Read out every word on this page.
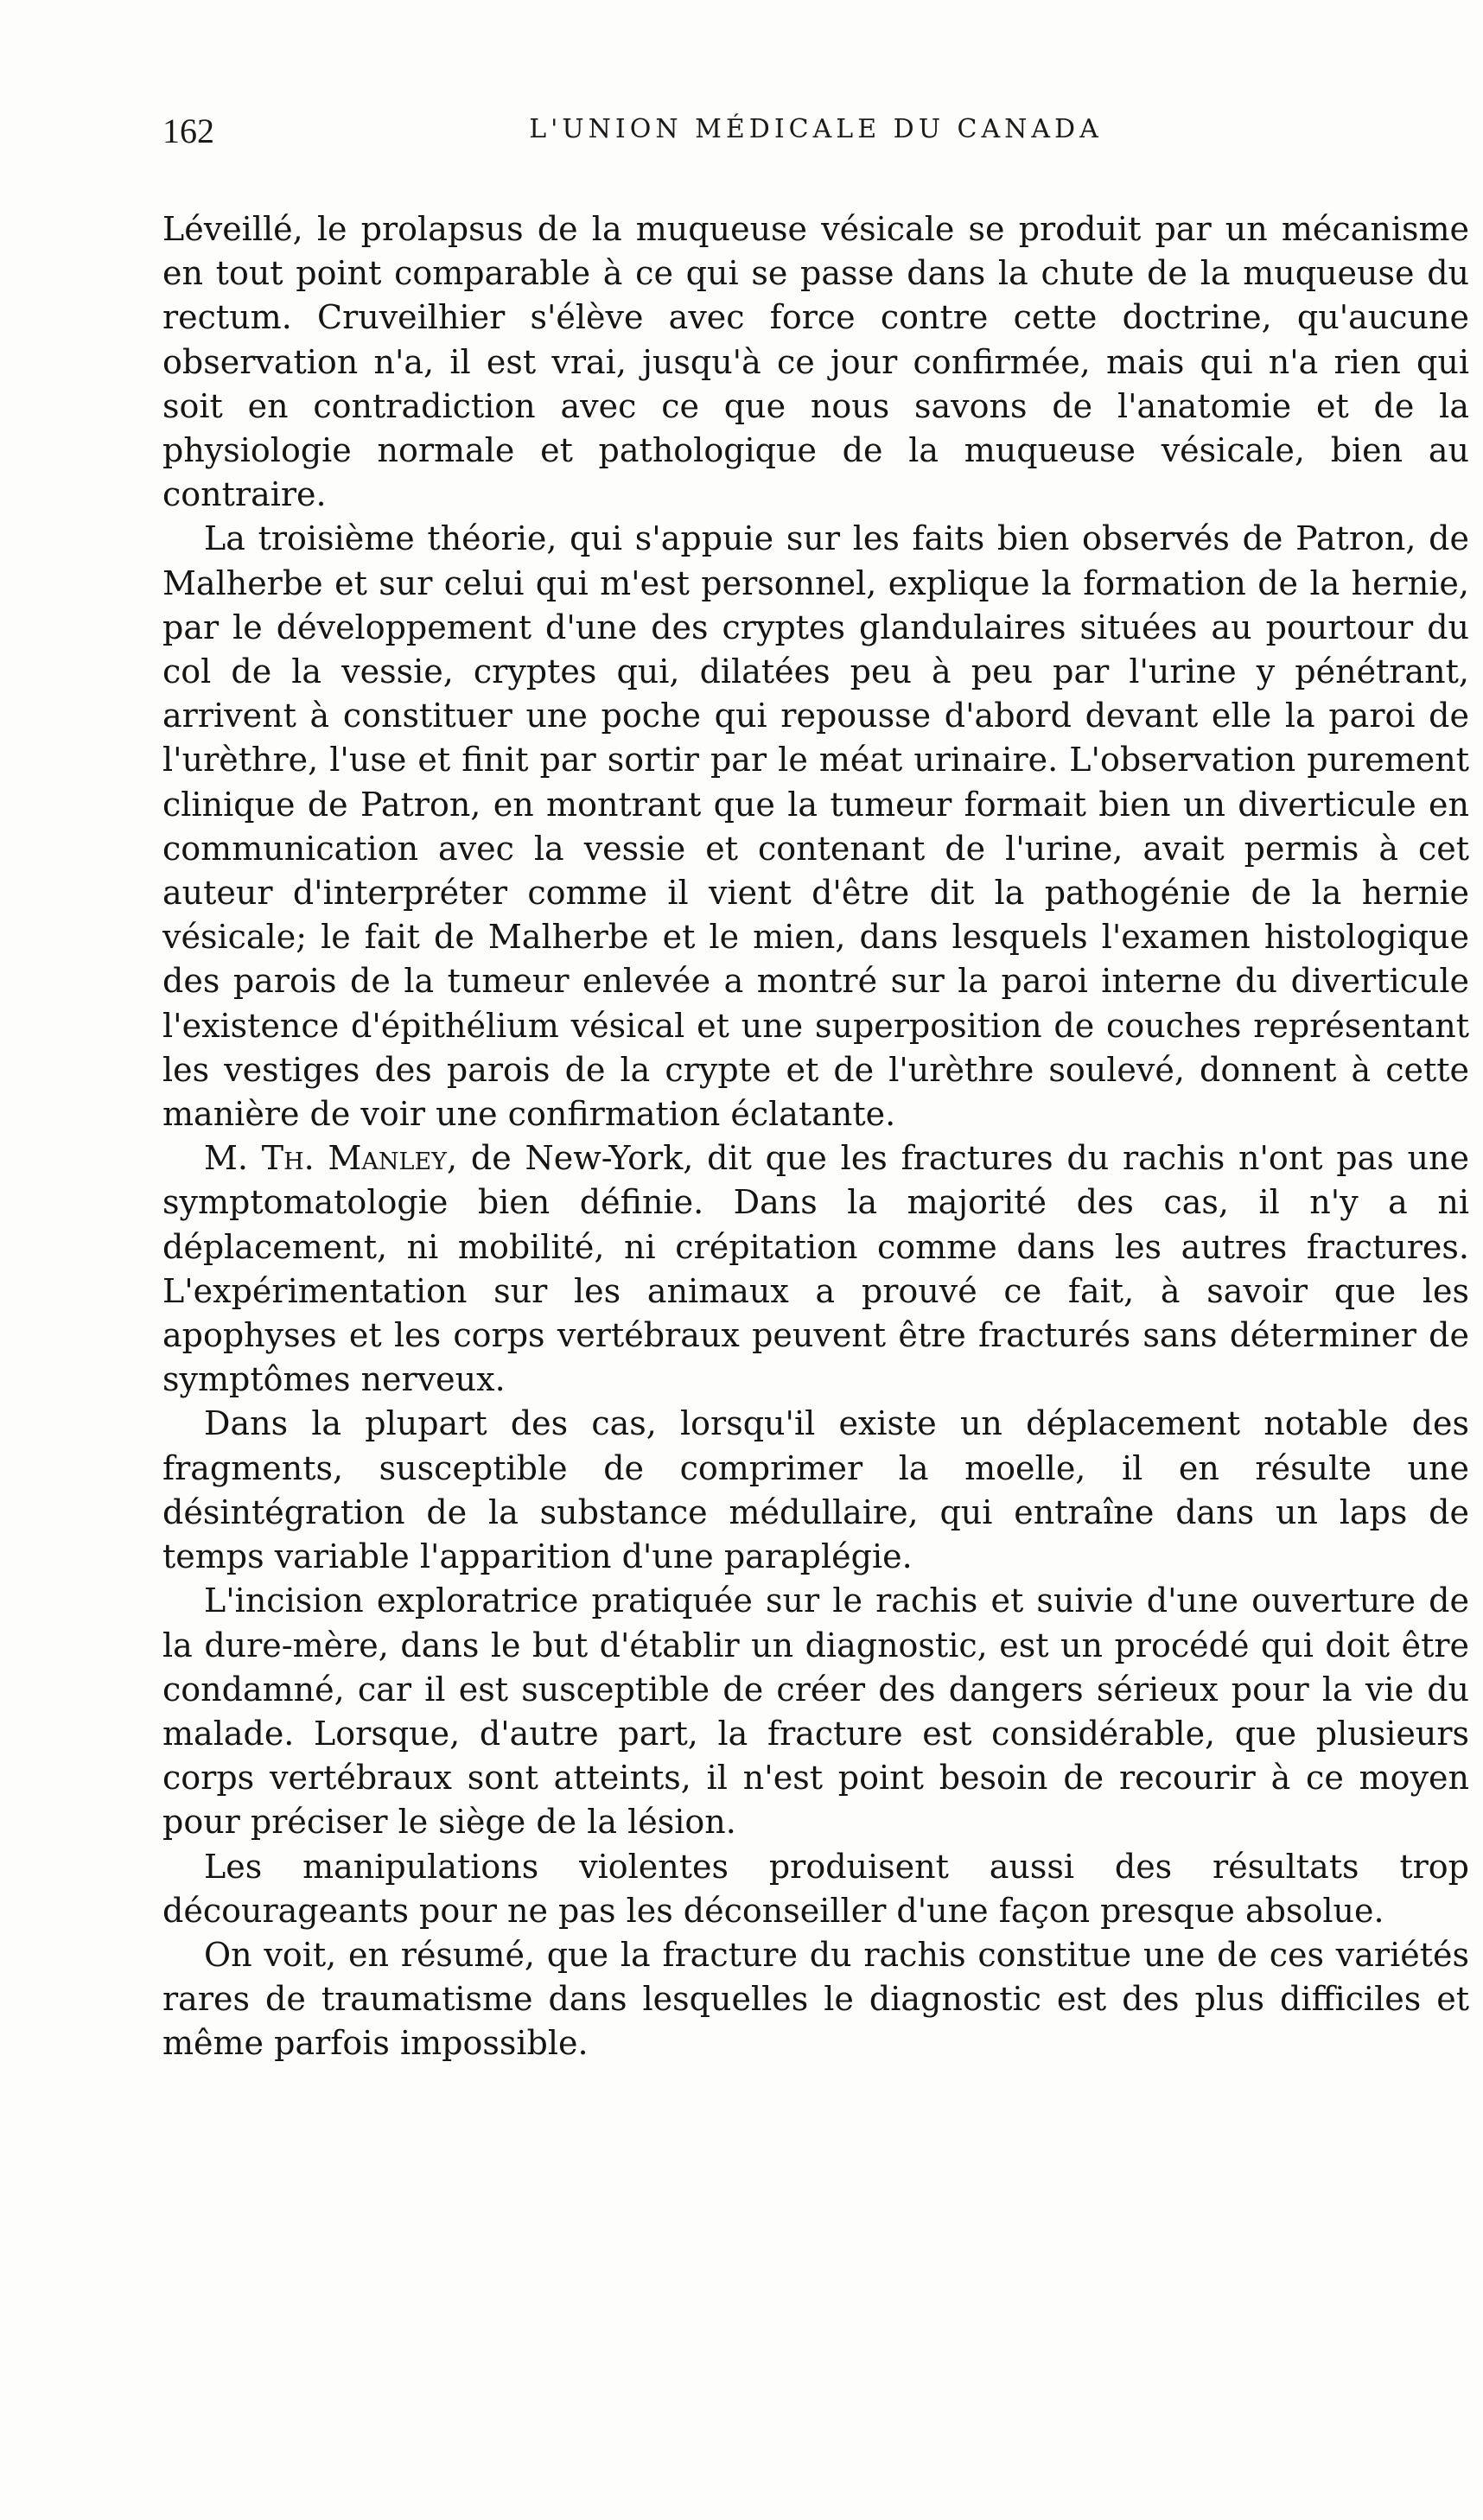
162	L'UNION MÉDICALE DU CANADA

Léveillé, le prolapsus de la muqueuse vésicale se produit par un mécanisme en tout point comparable à ce qui se passe dans la chute de la muqueuse du rectum. Cruveilhier s'élève avec force contre cette doctrine, qu'aucune observation n'a, il est vrai, jusqu'à ce jour confirmée, mais qui n'a rien qui soit en contradiction avec ce que nous savons de l'anatomie et de la physiologie normale et pathologique de la muqueuse vésicale, bien au contraire.

La troisième théorie, qui s'appuie sur les faits bien observés de Patron, de Malherbe et sur celui qui m'est personnel, explique la formation de la hernie, par le développement d'une des cryptes glandulaires situées au pourtour du col de la vessie, cryptes qui, dilatées peu à peu par l'urine y pénétrant, arrivent à constituer une poche qui repousse d'abord devant elle la paroi de l'urèthre, l'use et finit par sortir par le méat urinaire. L'observation purement clinique de Patron, en montrant que la tumeur formait bien un diverticule en communication avec la vessie et contenant de l'urine, avait permis à cet auteur d'interpréter comme il vient d'être dit la pathogénie de la hernie vésicale; le fait de Malherbe et le mien, dans lesquels l'examen histologique des parois de la tumeur enlevée a montré sur la paroi interne du diverticule l'existence d'épithélium vésical et une superposition de couches représentant les vestiges des parois de la crypte et de l'urèthre soulevé, donnent à cette manière de voir une confirmation éclatante.

M. Th. Manley, de New-York, dit que les fractures du rachis n'ont pas une symptomatologie bien définie. Dans la majorité des cas, il n'y a ni déplacement, ni mobilité, ni crépitation comme dans les autres fractures. L'expérimentation sur les animaux a prouvé ce fait, à savoir que les apophyses et les corps vertébraux peuvent être fracturés sans déterminer de symptômes nerveux.

Dans la plupart des cas, lorsqu'il existe un déplacement notable des fragments, susceptible de comprimer la moelle, il en résulte une désintégration de la substance médullaire, qui entraîne dans un laps de temps variable l'apparition d'une paraplégie.

L'incision exploratrice pratiquée sur le rachis et suivie d'une ouverture de la dure-mère, dans le but d'établir un diagnostic, est un procédé qui doit être condamné, car il est susceptible de créer des dangers sérieux pour la vie du malade. Lorsque, d'autre part, la fracture est considérable, que plusieurs corps vertébraux sont atteints, il n'est point besoin de recourir à ce moyen pour préciser le siège de la lésion.

Les manipulations violentes produisent aussi des résultats trop décourageants pour ne pas les déconseiller d'une façon presque absolue.

On voit, en résumé, que la fracture du rachis constitue une de ces variétés rares de traumatisme dans lesquelles le diagnostic est des plus difficiles et même parfois impossible.
